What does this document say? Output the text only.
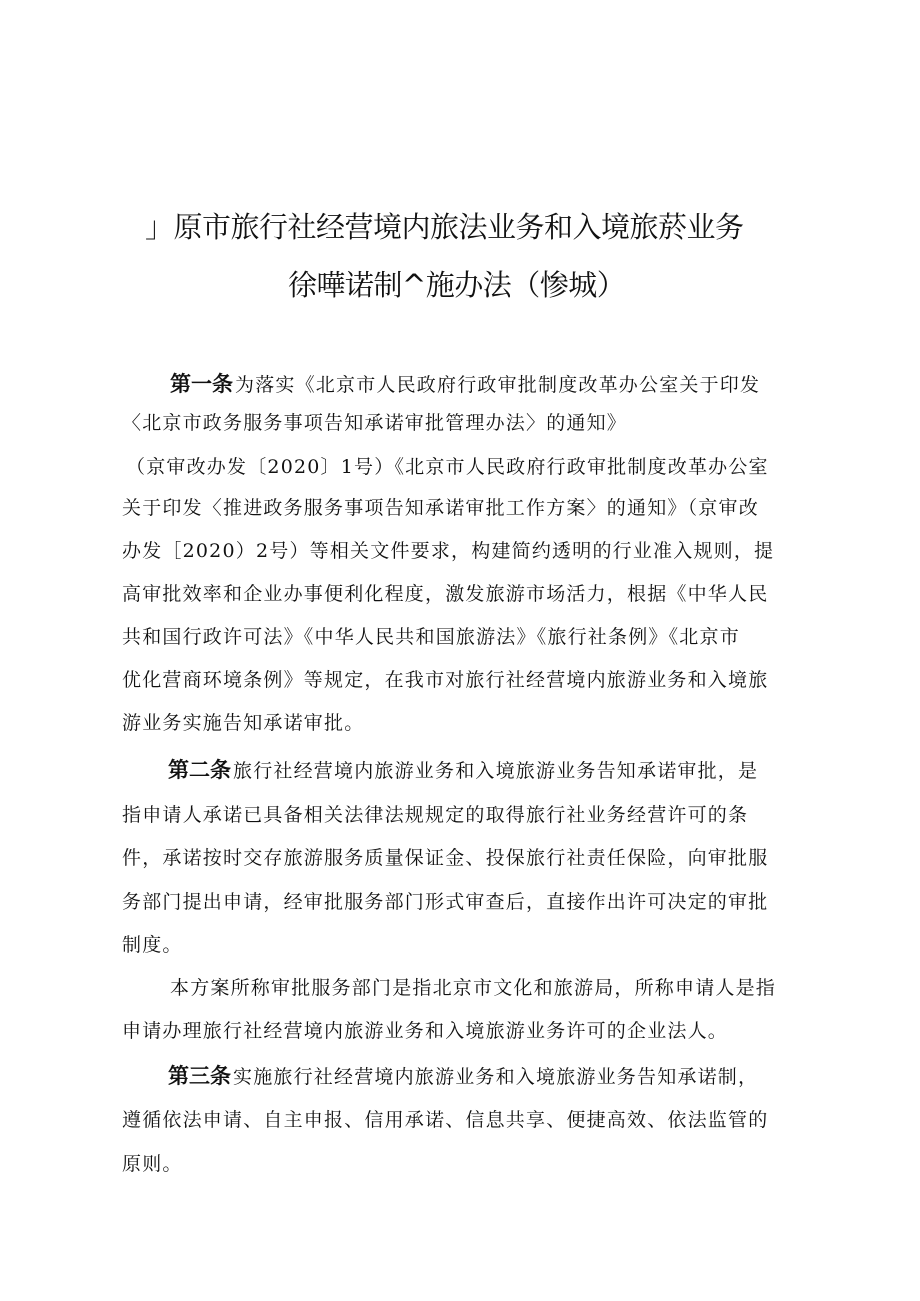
」原市旅行社经营境内旅法业务和入境旅菸业务
徐嘩诺制^施办法（惨城）
第一条 为落实《北京市人民政府行政审批制度改革办公室关于印发
〈北京市政务服务事项告知承诺审批管理办法〉的通知》
（京审改办发〔2020〕1号）《北京市人民政府行政审批制度改革办公室
关于印发〈推进政务服务事项告知承诺审批工作方案〉的通知》（京审改
办发［2020）2号）等相关文件要求，构建简约透明的行业准入规则，提
高审批效率和企业办事便利化程度，激发旅游市场活力，根据《中华人民
共和国行政许可法》《中华人民共和国旅游法》《旅行社条例》《北京市
优化营商环境条例》等规定，在我市对旅行社经营境内旅游业务和入境旅
游业务实施告知承诺审批。
第二条 旅行社经营境内旅游业务和入境旅游业务告知承诺审批，是
指申请人承诺已具备相关法律法规规定的取得旅行社业务经营许可的条
件，承诺按时交存旅游服务质量保证金、投保旅行社责任保险，向审批服
务部门提出申请，经审批服务部门形式审查后，直接作出许可决定的审批
制度。
本方案所称审批服务部门是指北京市文化和旅游局，所称申请人是指
申请办理旅行社经营境内旅游业务和入境旅游业务许可的企业法人。
第三条 实施旅行社经营境内旅游业务和入境旅游业务告知承诺制，
遵循依法申请、自主申报、信用承诺、信息共享、便捷高效、依法监管的
原则。
